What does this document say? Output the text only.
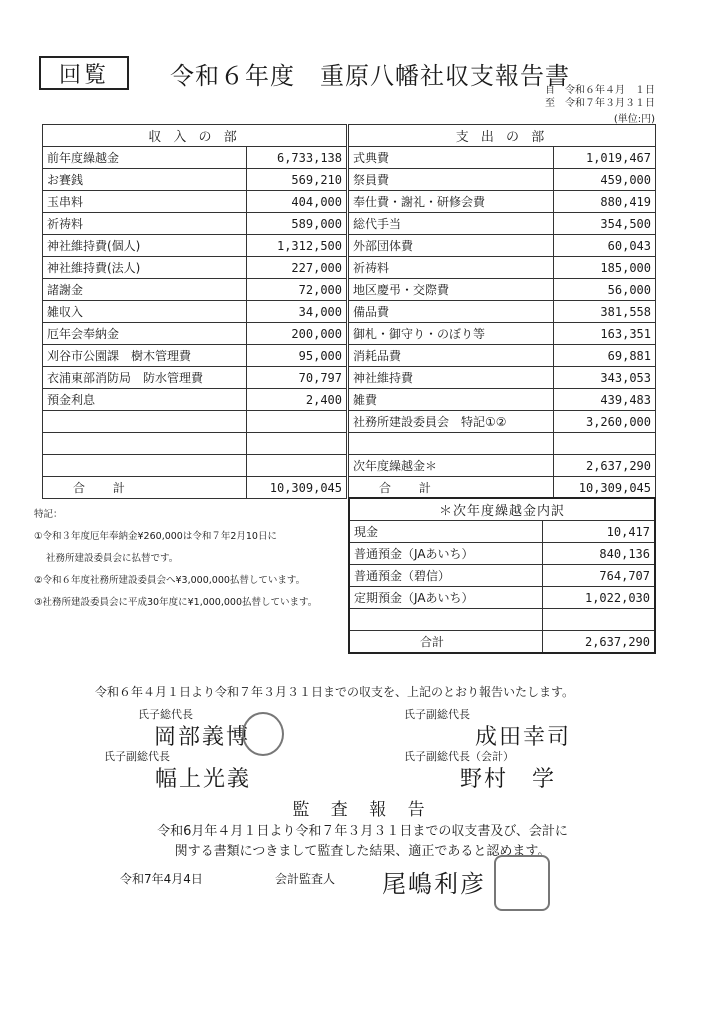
回覧	令和６年度　重原八幡社収支報告書
自　令和６年４月　１日
至　令和７年３月３１日
(単位:円)
収 入 の 部	
前年度繰越金	6,733,138
お賽銭	569,210
玉串料	404,000
祈祷料	589,000
神社維持費(個人)	1,312,500
神社維持費(法人)	227,000
諸謝金	72,000
雑収入	34,000
厄年会奉納金	200,000
刈谷市公園課　樹木管理費	95,000
衣浦東部消防局　防水管理費	70,797
預金利息	2,400

合 計	10,309,045
支 出 の 部	
式典費	1,019,467
祭員費	459,000
奉仕費・謝礼・研修会費	880,419
総代手当	354,500
外部団体費	60,043
祈祷料	185,000
地区慶弔・交際費	56,000
備品費	381,558
御札・御守り・のぼり等	163,351
消耗品費	69,881
神社維持費	343,053
雑費	439,483
社務所建設委員会　特記①②	3,260,000

次年度繰越金＊	2,637,290
合 計	10,309,045
特記：
①令和３年度厄年奉納金¥260,000は令和７年2月10日に
社務所建設委員会に払替です。
②令和６年度社務所建設委員会へ¥3,000,000払替しています。
③社務所建設委員会に平成30年度に¥1,000,000払替しています。
＊次年度繰越金内訳	
現金	10,417
普通預金（JAあいち）	840,136
普通預金（碧信）	764,707
定期預金（JAあいち）	1,022,030

合計	2,637,290
令和６年４月１日より令和７年３月３１日までの収支を、上記のとおり報告いたします。
氏子総代長
岡部義博
氏子副総代長
成田幸司
氏子副総代長
幅上光義
氏子副総代長（会計）
野村　学
監 査 報 告
令和6月年４月１日より令和７年３月３１日までの収支書及び、会計に
関する書類につきまして監査した結果、適正であると認めます。
令和7年4月4日	会計監査人 尾嶋利彦
